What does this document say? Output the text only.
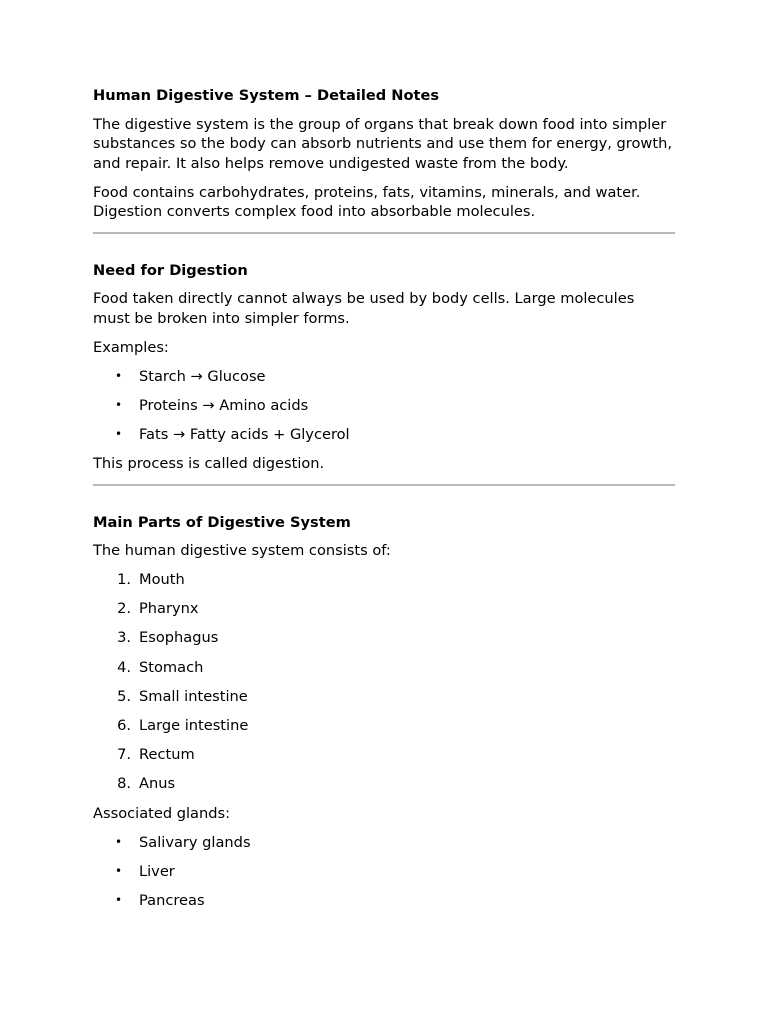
Human Digestive System – Detailed Notes

The digestive system is the group of organs that break down food into simpler substances so the body can absorb nutrients and use them for energy, growth, and repair. It also helps remove undigested waste from the body.

Food contains carbohydrates, proteins, fats, vitamins, minerals, and water. Digestion converts complex food into absorbable molecules.

Need for Digestion

Food taken directly cannot always be used by body cells. Large molecules must be broken into simpler forms.

Examples:

• Starch → Glucose
• Proteins → Amino acids
• Fats → Fatty acids + Glycerol

This process is called digestion.

Main Parts of Digestive System

The human digestive system consists of:

1. Mouth
2. Pharynx
3. Esophagus
4. Stomach
5. Small intestine
6. Large intestine
7. Rectum
8. Anus

Associated glands:

• Salivary glands
• Liver
• Pancreas
